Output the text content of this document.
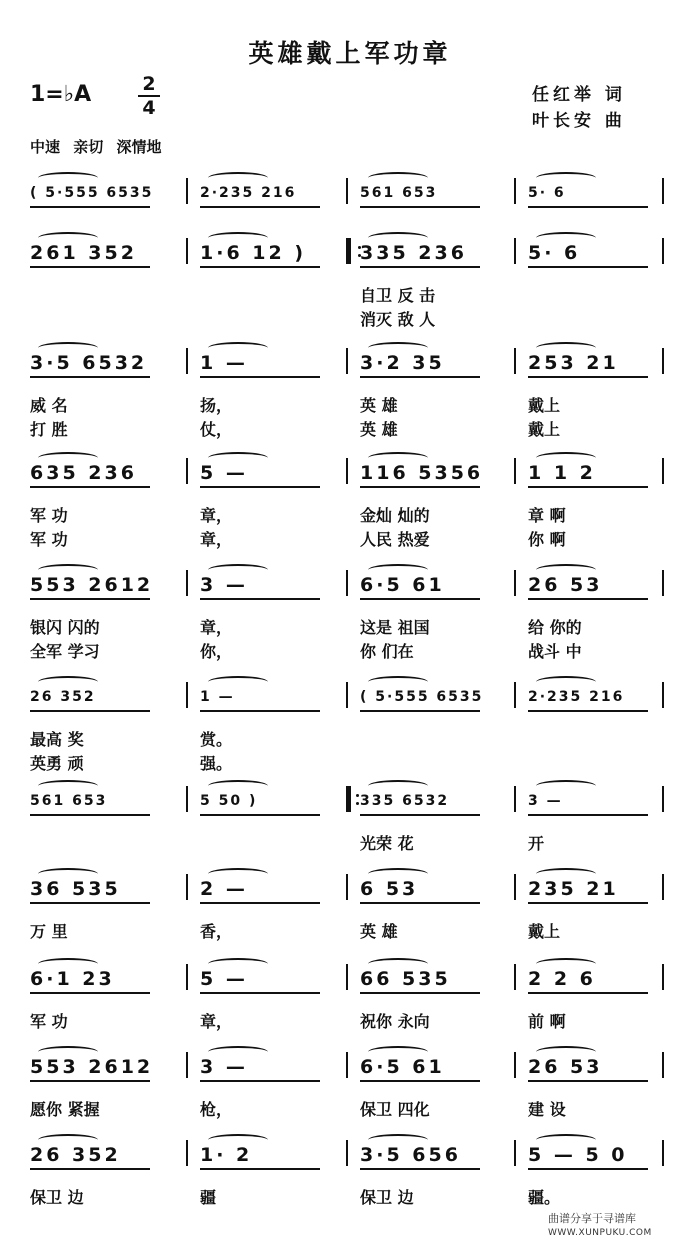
英雄戴上军功章
1=♭A	2
4
任红举 词
叶长安 曲
中速 亲切 深情地
( 5·555 6535	2·235 216	561 653	5· 6
261 352	1·6 12 )	335 236	5· 6
自卫 反 击
消灭 敌 人
3·5 6532	1 —	3·2 35	253 21
威 名	扬，	英 雄	戴上
打 胜	仗，	英 雄	戴上
635 236	5 —	116 5356 1 1 2
军 功	章，	金灿 灿的	章 啊
军 功	章，	人民 热爱	你 啊
553 2612 3 —	6·5 61	26 53
银闪 闪的	章，	这是 祖国	给 你的
全军 学习	你，	你 们在	战斗 中
26 352	1 —	( 5·555 6535	2·235 216
最高 奖	赏。
英勇 顽	强。
561 653	5 50 )	335 6532	3 —
光荣 花	开
36 535	2 —	6 53	235 21
万 里	香，	英 雄	戴上
6·1 23	5 —	66 535	2 2 6
军 功	章，	祝你 永向	前 啊
553 2612 3 —	6·5 61	26 53
愿你 紧握	枪，	保卫 四化	建 设
26 352	1· 2	3·5 656	5 — 5 0
保卫 边	疆	保卫 边	疆。
曲谱分享于寻谱库
WWW.XUNPUKU.COM
